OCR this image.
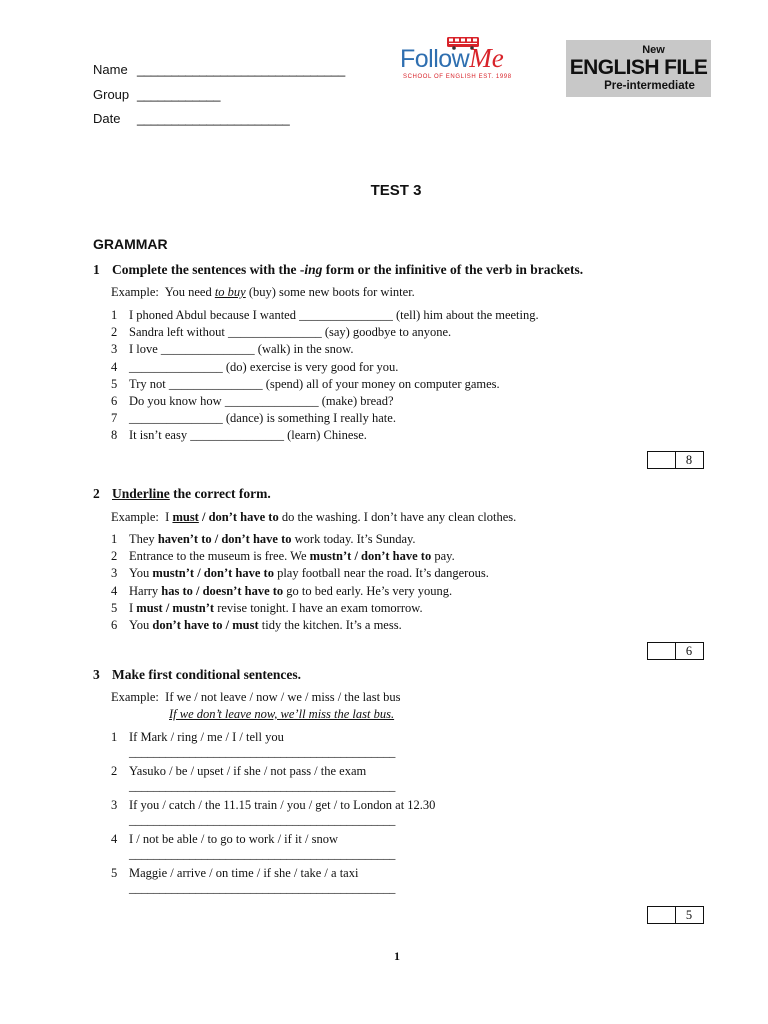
Name ______________________________
Group ____________
Date ______________________
FollowMe
SCHOOL OF ENGLISH EST. 1998
New
ENGLISH FILE
Pre-intermediate
TEST 3
GRAMMAR
1 Complete the sentences with the -ing form or the infinitive of the verb in brackets.
Example: You need to buy (buy) some new boots for winter.
1 I phoned Abdul because I wanted _______________ (tell) him about the meeting.
2 Sandra left without _______________ (say) goodbye to anyone.
3 I love _______________ (walk) in the snow.
4 _______________ (do) exercise is very good for you.
5 Try not _______________ (spend) all of your money on computer games.
6 Do you know how _______________ (make) bread?
7 _______________ (dance) is something I really hate.
8 It isn’t easy _______________ (learn) Chinese.
8
2 Underline the correct form.
Example: I must / don’t have to do the washing. I don’t have any clean clothes.
1 They haven’t to / don’t have to work today. It’s Sunday.
2 Entrance to the museum is free. We mustn’t / don’t have to pay.
3 You mustn’t / don’t have to play football near the road. It’s dangerous.
4 Harry has to / doesn’t have to go to bed early. He’s very young.
5 I must / mustn’t revise tonight. I have an exam tomorrow.
6 You don’t have to / must tidy the kitchen. It’s a mess.
6
3 Make first conditional sentences.
Example: If we / not leave / now / we / miss / the last bus
If we don’t leave now, we’ll miss the last bus.
1 If Mark / ring / me / I / tell you
____________________________________________
2 Yasuko / be / upset / if she / not pass / the exam
____________________________________________
3 If you / catch / the 11.15 train / you / get / to London at 12.30
____________________________________________
4 I / not be able / to go to work / if it / snow
____________________________________________
5 Maggie / arrive / on time / if she / take / a taxi
____________________________________________
5
1
